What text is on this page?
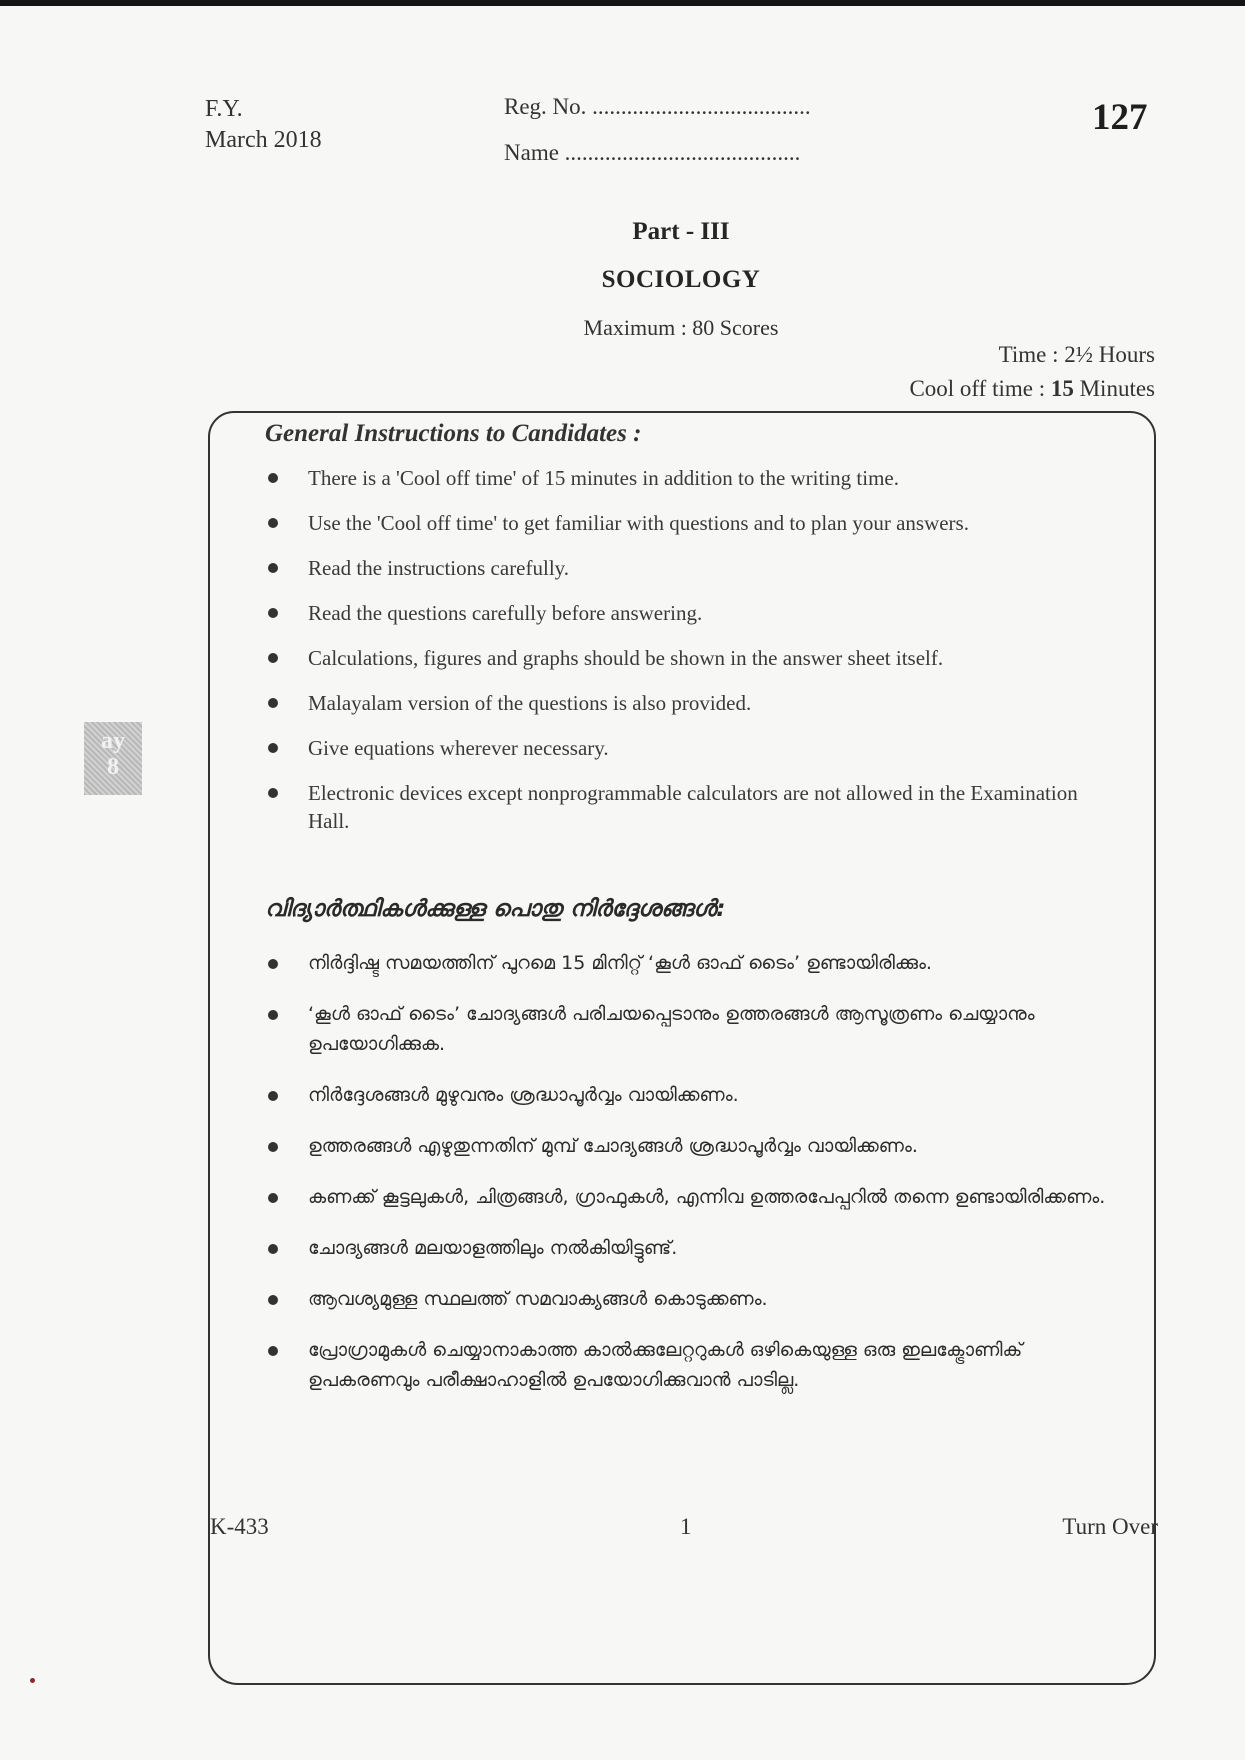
F.Y.
March 2018
Reg. No. ......................................
Name .........................................
127
Part - III
SOCIOLOGY
Maximum : 80 Scores
Time : 2½ Hours
Cool off time : 15 Minutes
General Instructions to Candidates :
There is a 'Cool off time' of 15 minutes in addition to the writing time.
Use the 'Cool off time' to get familiar with questions and to plan your answers.
Read the instructions carefully.
Read the questions carefully before answering.
Calculations, figures and graphs should be shown in the answer sheet itself.
Malayalam version of the questions is also provided.
Give equations wherever necessary.
Electronic devices except nonprogrammable calculators are not allowed in the Examination Hall.
വിദ്യാർത്ഥികൾക്കുള്ള പൊതു നിർദ്ദേശങ്ങൾ:
നിർദ്ദിഷ്ട സമയത്തിന് പുറമെ 15 മിനിറ്റ് ‘കൂൾ ഓഫ് ടൈം’ ഉണ്ടായിരിക്കും.
‘കൂൾ ഓഫ് ടൈം’ ചോദ്യങ്ങൾ പരിചയപ്പെടാനും ഉത്തരങ്ങൾ ആസൂത്രണം ചെയ്യാനും ഉപയോഗിക്കുക.
നിർദ്ദേശങ്ങൾ മുഴുവനും ശ്രദ്ധാപൂർവ്വം വായിക്കണം.
ഉത്തരങ്ങൾ എഴുതുന്നതിന് മുമ്പ് ചോദ്യങ്ങൾ ശ്രദ്ധാപൂർവ്വം വായിക്കണം.
കണക്ക് കൂട്ടലുകൾ, ചിത്രങ്ങൾ, ഗ്രാഫുകൾ, എന്നിവ ഉത്തരപേപ്പറിൽ തന്നെ ഉണ്ടായിരിക്കണം.
ചോദ്യങ്ങൾ മലയാളത്തിലും നൽകിയിട്ടുണ്ട്.
ആവശ്യമുള്ള സ്ഥലത്ത് സമവാക്യങ്ങൾ കൊടുക്കണം.
പ്രോഗ്രാമുകൾ ചെയ്യാനാകാത്ത കാൽക്കുലേറ്ററുകൾ ഒഴികെയുള്ള ഒരു ഇലക്ട്രോണിക് ഉപകരണവും പരീക്ഷാഹാളിൽ ഉപയോഗിക്കുവാൻ പാടില്ല.
K-433	1	Turn Over
ay
8
